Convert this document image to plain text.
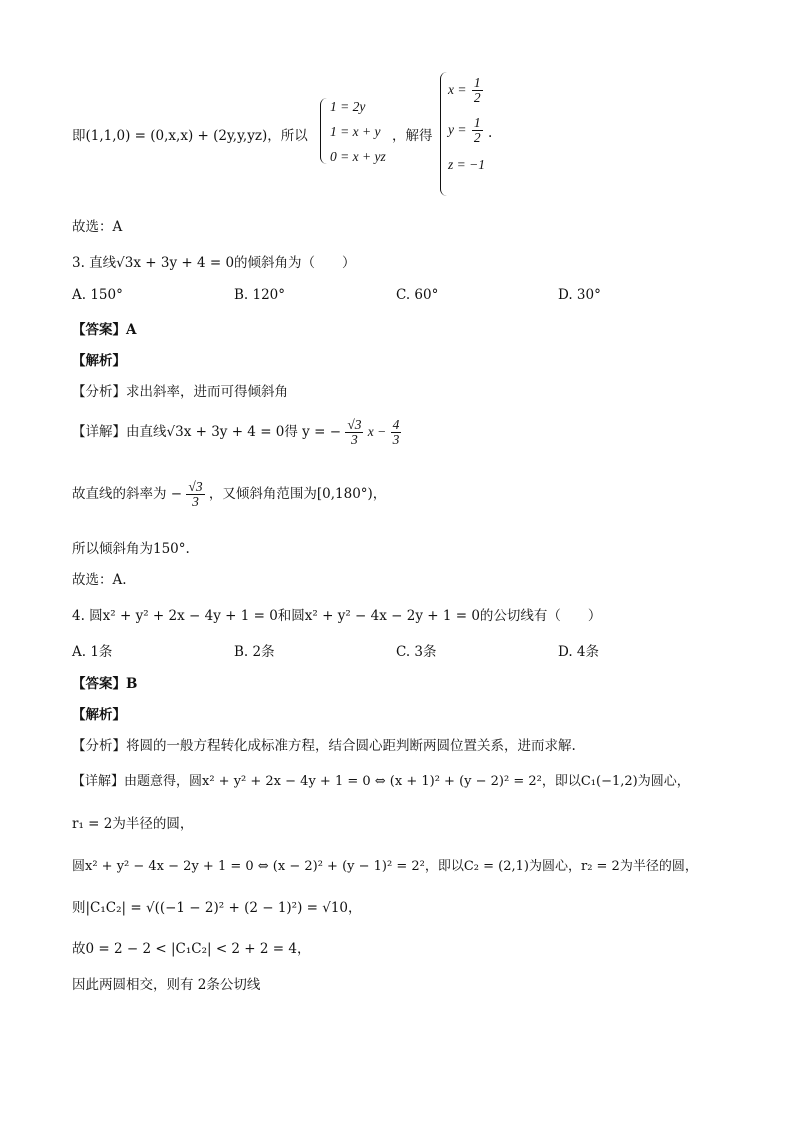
即(1,1,0) = (0,x,x) + (2y,y,yz)，所以
1 = 2y
1 = x + y
0 = x + yz
，解得
$x = \frac{1}{2}$
$y = \frac{1}{2}$ .
z = −1
故选：A
3. 直线√3x + 3y + 4 = 0的倾斜角为（　　）
A. 150°	B. 120°	C. 60°	D. 30°
【答案】A
【解析】
【分析】求出斜率，进而可得倾斜角
【详解】由直线√3x + 3y + 4 = 0得 y = − $\frac{√3}{3}$ $x - \frac{4}{3}$
故直线的斜率为 − $\frac{√3}{3}$ ，又倾斜角范围为[0,180°)，
所以倾斜角为150°.
故选：A.
4. 圆x² + y² + 2x − 4y + 1 = 0和圆x² + y² − 4x − 2y + 1 = 0的公切线有（　　）
A. 1条	B. 2条	C. 3条	D. 4条
【答案】B
【解析】
【分析】将圆的一般方程转化成标准方程，结合圆心距判断两圆位置关系，进而求解.
【详解】由题意得，圆x² + y² + 2x − 4y + 1 = 0 ⇔ (x + 1)² + (y − 2)² = 2²，即以C₁(−1,2)为圆心，
r₁ = 2为半径的圆，
圆x² + y² − 4x − 2y + 1 = 0 ⇔ (x − 2)² + (y − 1)² = 2²，即以C₂ = (2,1)为圆心，r₂ = 2为半径的圆，
则|C₁C₂| = √((−1 − 2)² + (2 − 1)²) = √10，
故0 = 2 − 2 < |C₁C₂| < 2 + 2 = 4，
因此两圆相交，则有 2条公切线
